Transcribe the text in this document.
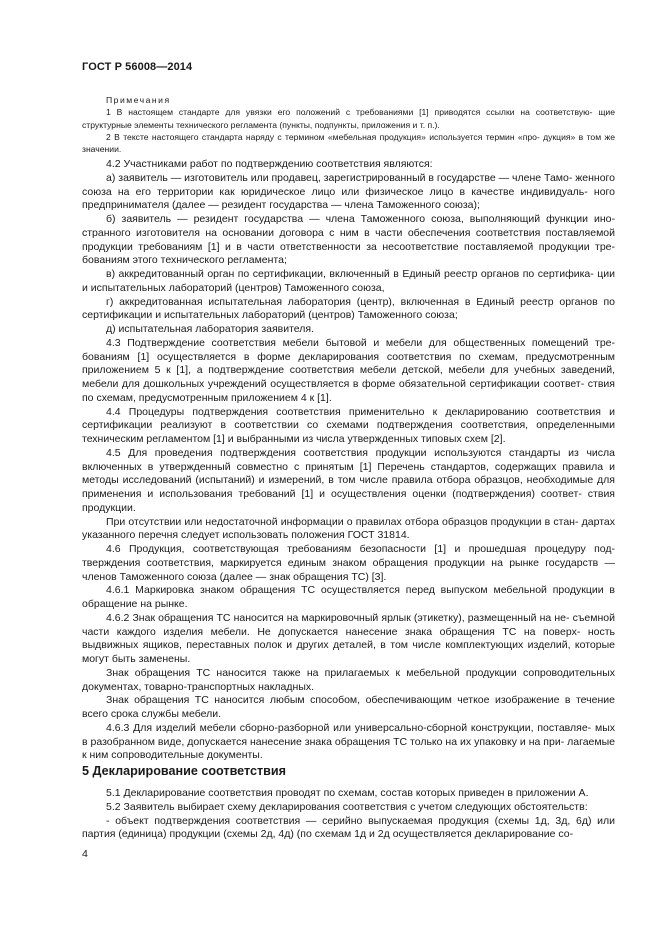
ГОСТ Р 56008—2014
Примечания

1 В настоящем стандарте для увязки его положений с требованиями [1] приводятся ссылки на соответствую- щие структурные элементы технического регламента (пункты, подпункты, приложения и т. п.).

2 В тексте настоящего стандарта наряду с термином «мебельная продукция» используется термин «про- дукция» в том же значении.

4.2 Участниками работ по подтверждению соответствия являются:

а) заявитель — изготовитель или продавец, зарегистрированный в государстве — члене Тамо- женного союза на его территории как юридическое лицо или физическое лицо в качестве индивидуаль- ного предпринимателя (далее — резидент государства — члена Таможенного союза);

б) заявитель — резидент государства — члена Таможенного союза, выполняющий функции ино- странного изготовителя на основании договора с ним в части обеспечения соответствия поставляемой продукции требованиям [1] и в части ответственности за несоответствие поставляемой продукции тре- бованиям этого технического регламента;

в) аккредитованный орган по сертификации, включенный в Единый реестр органов по сертифика- ции и испытательных лабораторий (центров) Таможенного союза,

г) аккредитованная испытательная лаборатория (центр), включенная в Единый реестр органов по сертификации и испытательных лабораторий (центров) Таможенного союза;

д) испытательная лаборатория заявителя.

4.3 Подтверждение соответствия мебели бытовой и мебели для общественных помещений тре- бованиям [1] осуществляется в форме декларирования соответствия по схемам, предусмотренным приложением 5 к [1], а подтверждение соответствия мебели детской, мебели для учебных заведений, мебели для дошкольных учреждений осуществляется в форме обязательной сертификации соответ- ствия по схемам, предусмотренным приложением 4 к [1].

4.4 Процедуры подтверждения соответствия применительно к декларированию соответствия и сертификации реализуют в соответствии со схемами подтверждения соответствия, определенными техническим регламентом [1] и выбранными из числа утвержденных типовых схем [2].

4.5 Для проведения подтверждения соответствия продукции используются стандарты из числа включенных в утвержденный совместно с принятым [1] Перечень стандартов, содержащих правила и методы исследований (испытаний) и измерений, в том числе правила отбора образцов, необходимые для применения и использования требований [1] и осуществления оценки (подтверждения) соответ- ствия продукции.

При отсутствии или недостаточной информации о правилах отбора образцов продукции в стан- дартах указанного перечня следует использовать положения ГОСТ 31814.

4.6 Продукция, соответствующая требованиям безопасности [1] и прошедшая процедуру под- тверждения соответствия, маркируется единым знаком обращения продукции на рынке государств — членов Таможенного союза (далее — знак обращения ТС) [3].

4.6.1 Маркировка знаком обращения ТС осуществляется перед выпуском мебельной продукции в обращение на рынке.

4.6.2 Знак обращения ТС наносится на маркировочный ярлык (этикетку), размещенный на не- съемной части каждого изделия мебели. Не допускается нанесение знака обращения ТС на поверх- ность выдвижных ящиков, переставных полок и других деталей, в том числе комплектующих изделий, которые могут быть заменены.

Знак обращения ТС наносится также на прилагаемых к мебельной продукции сопроводительных документах, товарно-транспортных накладных.

Знак обращения ТС наносится любым способом, обеспечивающим четкое изображение в течение всего срока службы мебели.

4.6.3 Для изделий мебели сборно-разборной или универсально-сборной конструкции, поставляе- мых в разобранном виде, допускается нанесение знака обращения ТС только на их упаковку и на при- лагаемые к ним сопроводительные документы.

5 Декларирование соответствия

5.1 Декларирование соответствия проводят по схемам, состав которых приведен в приложении А.

5.2 Заявитель выбирает схему декларирования соответствия с учетом следующих обстоятельств:

- объект подтверждения соответствия — серийно выпускаемая продукция (схемы 1д, 3д, 6д) или партия (единица) продукции (схемы 2д, 4д) (по схемам 1д и 2д осуществляется декларирование со-

4
